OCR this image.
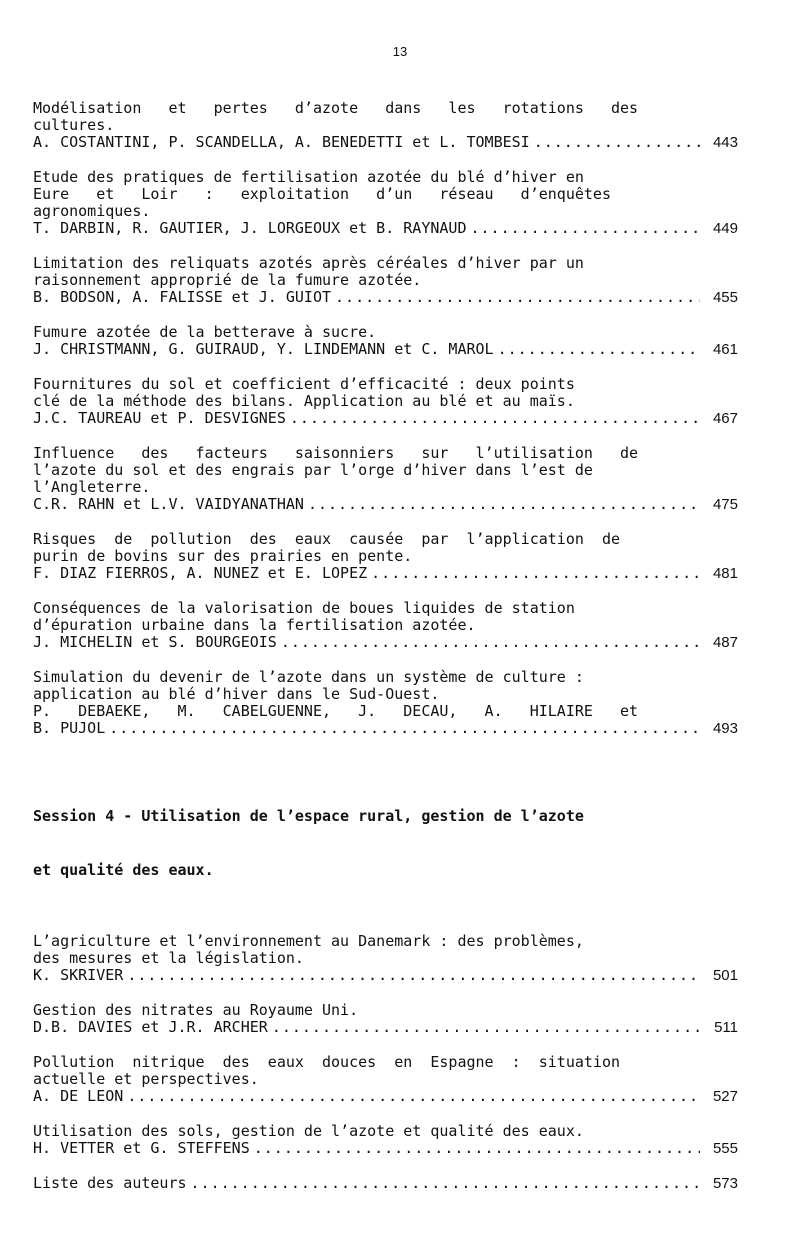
13
Modélisation   et   pertes   d’azote   dans   les   rotations   des
cultures.
A. COSTANTINI, P. SCANDELLA, A. BENEDETTI et L. TOMBESI .....	443
Etude des pratiques de fertilisation azotée du blé d’hiver en
Eure   et   Loir   :   exploitation   d’un   réseau   d’enquêtes
agronomiques.
T. DARBIN, R. GAUTIER, J. LORGEOUX et B. RAYNAUD .....	449
Limitation des reliquats azotés après céréales d’hiver par un
raisonnement approprié de la fumure azotée.
B. BODSON, A. FALISSE et J. GUIOT .....	455
Fumure azotée de la betterave à sucre.
J. CHRISTMANN, G. GUIRAUD, Y. LINDEMANN et C. MAROL .....	461
Fournitures du sol et coefficient d’efficacité : deux points
clé de la méthode des bilans. Application au blé et au maïs.
J.C. TAUREAU et P. DESVIGNES .....	467
Influence   des   facteurs   saisonniers   sur   l’utilisation   de
l’azote du sol et des engrais par l’orge d’hiver dans l’est de
l’Angleterre.
C.R. RAHN et L.V. VAIDYANATHAN .....	475
Risques  de  pollution  des  eaux  causée  par  l’application  de
purin de bovins sur des prairies en pente.
F. DIAZ FIERROS, A. NUNEZ et E. LOPEZ .....	481
Conséquences de la valorisation de boues liquides de station
d’épuration urbaine dans la fertilisation azotée.
J. MICHELIN et S. BOURGEOIS .....	487
Simulation du devenir de l’azote dans un système de culture :
application au blé d’hiver dans le Sud-Ouest.
P.   DEBAEKE,   M.   CABELGUENNE,   J.   DECAU,   A.   HILAIRE   et
B. PUJOL .....	493

Session 4 - Utilisation de l’espace rural, gestion de l’azote

et qualité des eaux.

L’agriculture et l’environnement au Danemark : des problèmes,
des mesures et la législation.
K. SKRIVER .....	501
Gestion des nitrates au Royaume Uni.
D.B. DAVIES et J.R. ARCHER .....	511
Pollution  nitrique  des  eaux  douces  en  Espagne  :  situation
actuelle et perspectives.
A. DE LEON .....	527
Utilisation des sols, gestion de l’azote et qualité des eaux.
H. VETTER et G. STEFFENS .....	555
Liste des auteurs .....	573
